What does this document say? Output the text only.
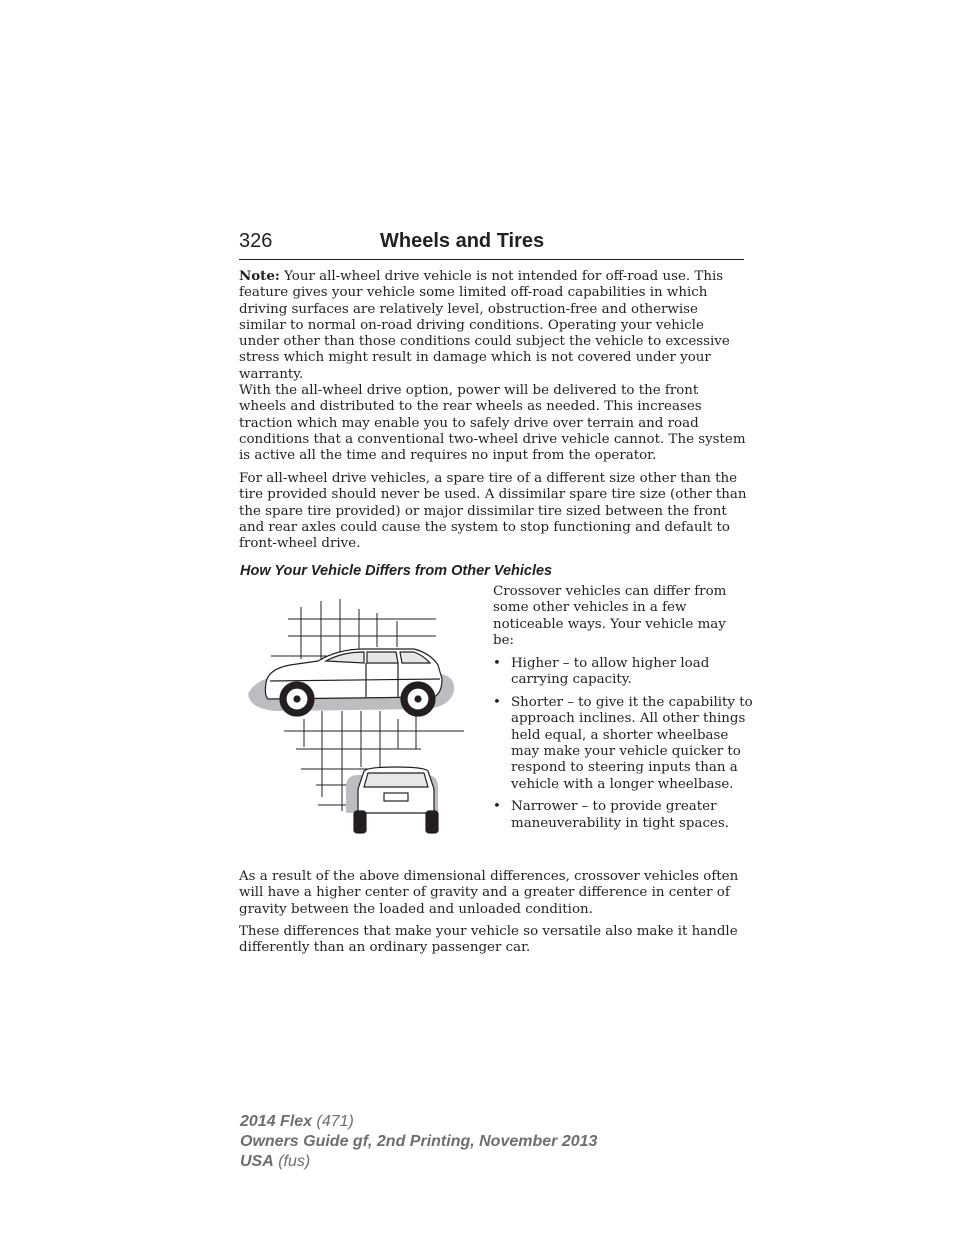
326	Wheels and Tires

Note: Your all-wheel drive vehicle is not intended for off-road use. This feature gives your vehicle some limited off-road capabilities in which driving surfaces are relatively level, obstruction-free and otherwise similar to normal on-road driving conditions. Operating your vehicle under other than those conditions could subject the vehicle to excessive stress which might result in damage which is not covered under your warranty.

With the all-wheel drive option, power will be delivered to the front wheels and distributed to the rear wheels as needed. This increases traction which may enable you to safely drive over terrain and road conditions that a conventional two-wheel drive vehicle cannot. The system is active all the time and requires no input from the operator.

For all-wheel drive vehicles, a spare tire of a different size other than the tire provided should never be used. A dissimilar spare tire size (other than the spare tire provided) or major dissimilar tire sized between the front and rear axles could cause the system to stop functioning and default to front-wheel drive.

How Your Vehicle Differs from Other Vehicles

Crossover vehicles can differ from some other vehicles in a few noticeable ways. Your vehicle may be:

• Higher – to allow higher load carrying capacity.
• Shorter – to give it the capability to approach inclines. All other things held equal, a shorter wheelbase may make your vehicle quicker to respond to steering inputs than a vehicle with a longer wheelbase.
• Narrower – to provide greater maneuverability in tight spaces.

As a result of the above dimensional differences, crossover vehicles often will have a higher center of gravity and a greater difference in center of gravity between the loaded and unloaded condition.

These differences that make your vehicle so versatile also make it handle differently than an ordinary passenger car.

2014 Flex (471)
Owners Guide gf, 2nd Printing, November 2013
USA (fus)
